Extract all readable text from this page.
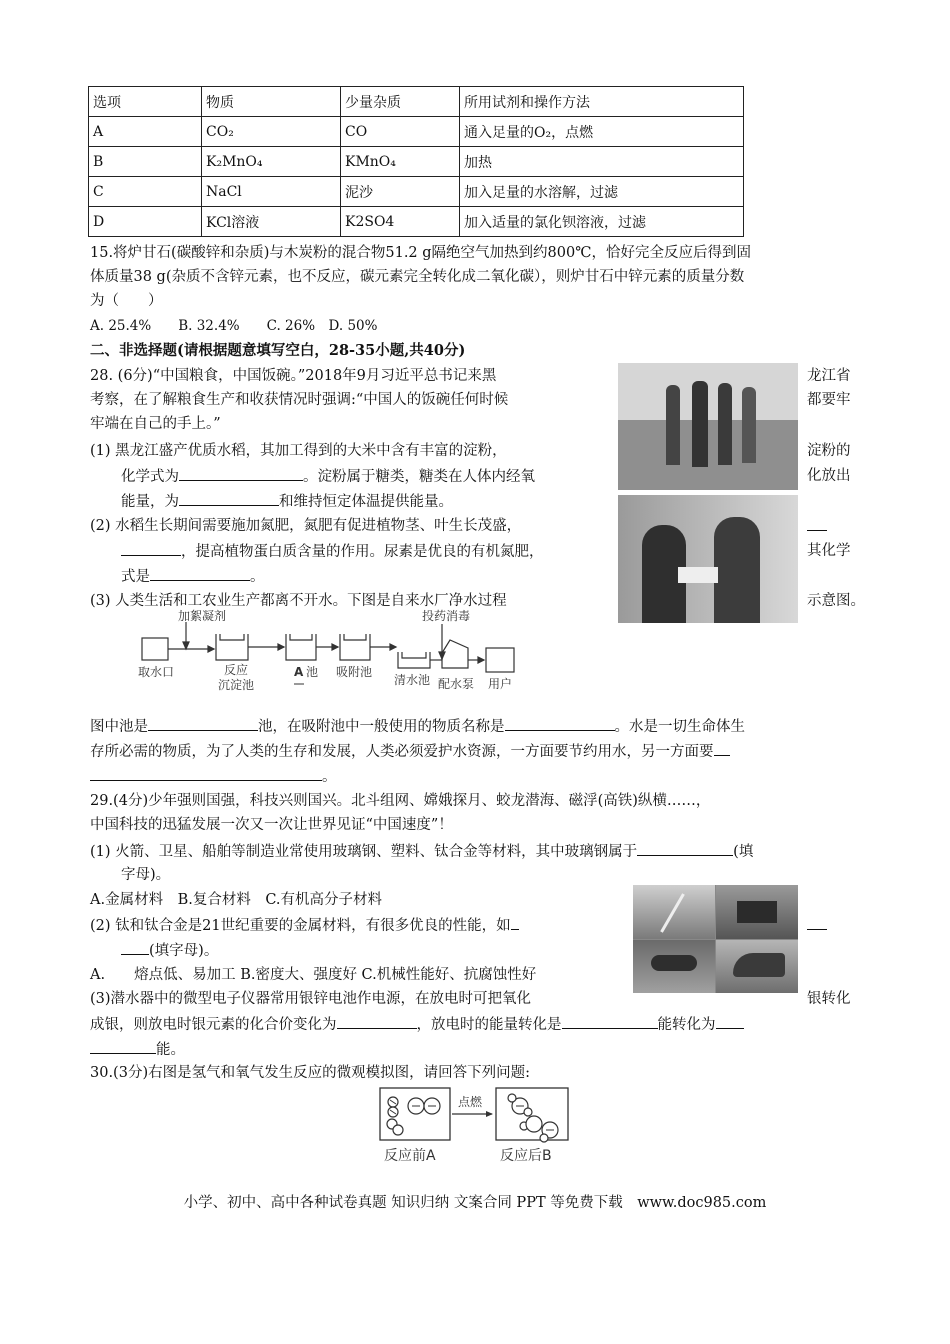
选项	物质	少量杂质	所用试剂和操作方法
A	CO₂	CO	通入足量的O₂，点燃
B	K₂MnO₄	KMnO₄	加热
C	NaCl	泥沙	加入足量的水溶解，过滤
D	KCl溶液	K2SO4	加入适量的氯化钡溶液，过滤
15.将炉甘石(碳酸锌和杂质)与木炭粉的混合物51.2 g隔绝空气加热到约800℃，恰好完全反应后得到固
体质量38 g(杂质不含锌元素，也不反应，碳元素完全转化成二氧化碳），则炉甘石中锌元素的质量分数
为（　　）
A. 25.4%　　B. 32.4%　　C. 26%　D. 50%
二、非选择题(请根据题意填写空白，28-35小题,共40分)
28. (6分)“中国粮食，中国饭碗。”2018年9月习近平总书记来黑	龙江省
考察，在了解粮食生产和收获情况时强调:“中国人的饭碗任何时候	都要牢
牢端在自己的手上。”
(1) 黑龙江盛产优质水稻，其加工得到的大米中含有丰富的淀粉，	淀粉的
化学式为	。淀粉属于糖类，糖类在人体内经氧	化放出
能量，为	和维持恒定体温提供能量。
(2) 水稻生长期间需要施加氮肥，氮肥有促进植物茎、叶生长茂盛，
，提高植物蛋白质含量的作用。尿素是优良的有机氮肥，	其化学
式是	。
(3) 人类生活和工农业生产都离不开水。下图是自来水厂净水过程	示意图。
加絮凝剂	投药消毒
取水口	反应
沉淀池
A 池 吸附池
清水池 配水泵 用户
图中池是	池，在吸附池中一般使用的物质名称是	。水是一切生命体生
存所必需的物质，为了人类的生存和发展，人类必须爱护水资源，一方面要节约用水，另一方面要
。
29.(4分)少年强则国强，科技兴则国兴。北斗组网、嫦娥探月、蛟龙潜海、磁浮(高铁)纵横……，
中国科技的迅猛发展一次又一次让世界见证“中国速度”！
(1) 火箭、卫星、船舶等制造业常使用玻璃钢、塑料、钛合金等材料，其中玻璃钢属于	(填
字母)。
A.金属材料　B.复合材料　C.有机高分子材料
(2) 钛和钛合金是21世纪重要的金属材料，有很多优良的性能，如
(填字母)。
A.　　熔点低、易加工 B.密度大、强度好 C.机械性能好、抗腐蚀性好
(3)潜水器中的微型电子仪器常用银锌电池作电源，在放电时可把氧化	银转化
成银，则放电时银元素的化合价变化为	，放电时的能量转化是	能转化为
能。
30.(3分)右图是氢气和氧气发生反应的微观模拟图，请回答下列问题:
点燃
反应前A	反应后B
小学、初中、高中各种试卷真题 知识归纳 文案合同 PPT 等免费下载　www.doc985.com
